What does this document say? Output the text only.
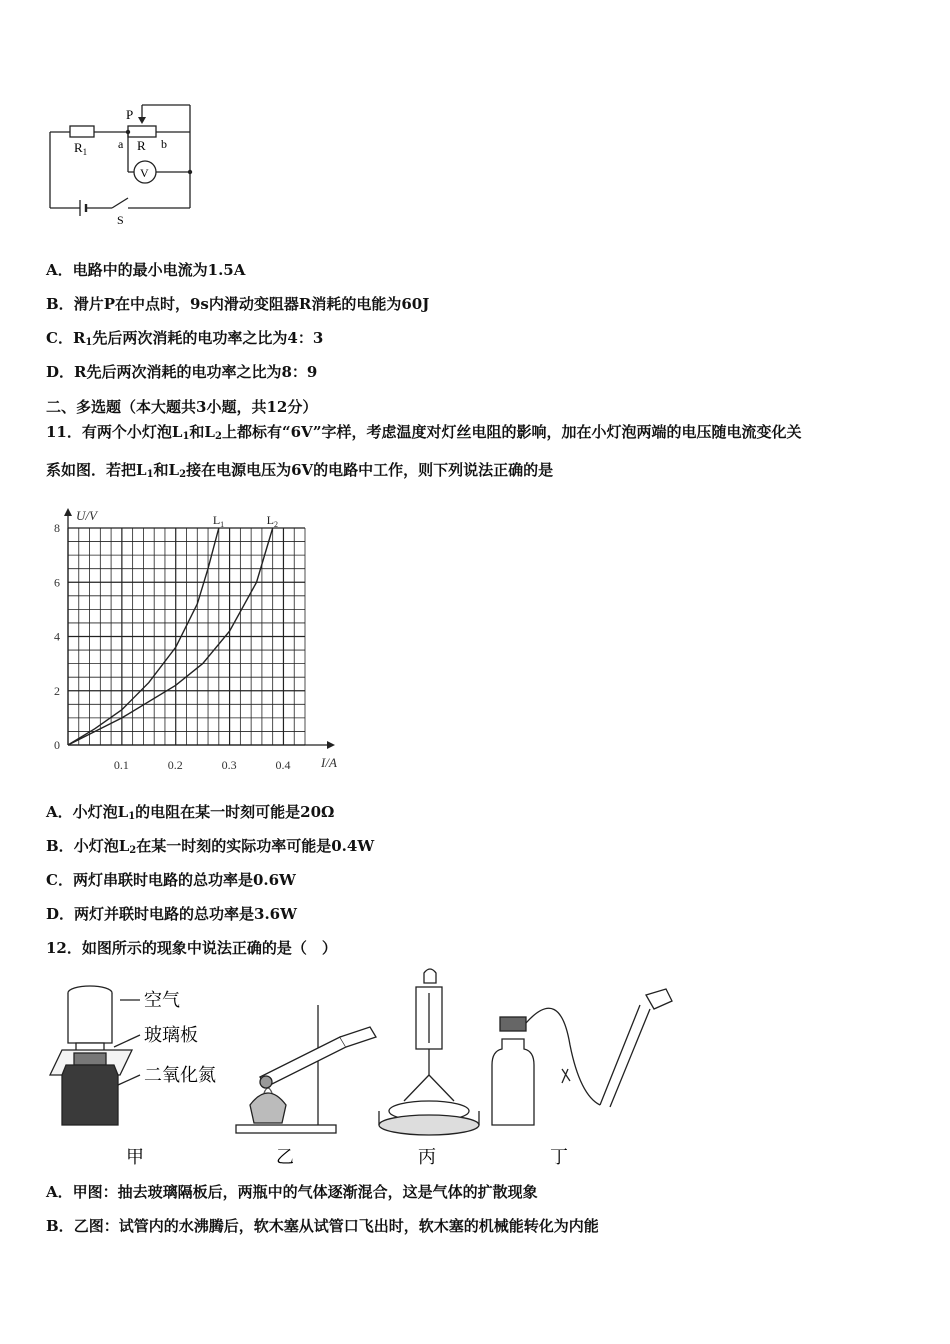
P
R
a	b
$R_1$
V
S
A．电路中的最小电流为1.5A
B．滑片P在中点时，9s内滑动变阻器R消耗的电能为60J
C．$R_1$先后两次消耗的电功率之比为4：3
D．R先后两次消耗的电功率之比为8：9
二、多选题（本大题共3小题，共12分）
11．有两个小灯泡$L_1$和$L_2$上都标有“6V”字样，考虑温度对灯丝电阻的影响，加在小灯泡两端的电压随电流变化关
系如图．若把$L_1$和$L_2$接在电源电压为6V的电路中工作，则下列说法正确的是
0
2
4
6
8
0.1	0.2	0.3	0.4
U/V
I/A
$L_1$	$L_2$
A．小灯泡$L_1$的电阻在某一时刻可能是20Ω
B．小灯泡$L_2$在某一时刻的实际功率可能是0.4W
C．两灯串联时电路的总功率是0.6W
D．两灯并联时电路的总功率是3.6W
12．如图所示的现象中说法正确的是（　）
空气
玻璃板
二氧化氮
甲	乙	丙	丁
A．甲图：抽去玻璃隔板后，两瓶中的气体逐渐混合，这是气体的扩散现象
B．乙图：试管内的水沸腾后，软木塞从试管口飞出时，软木塞的机械能转化为内能
